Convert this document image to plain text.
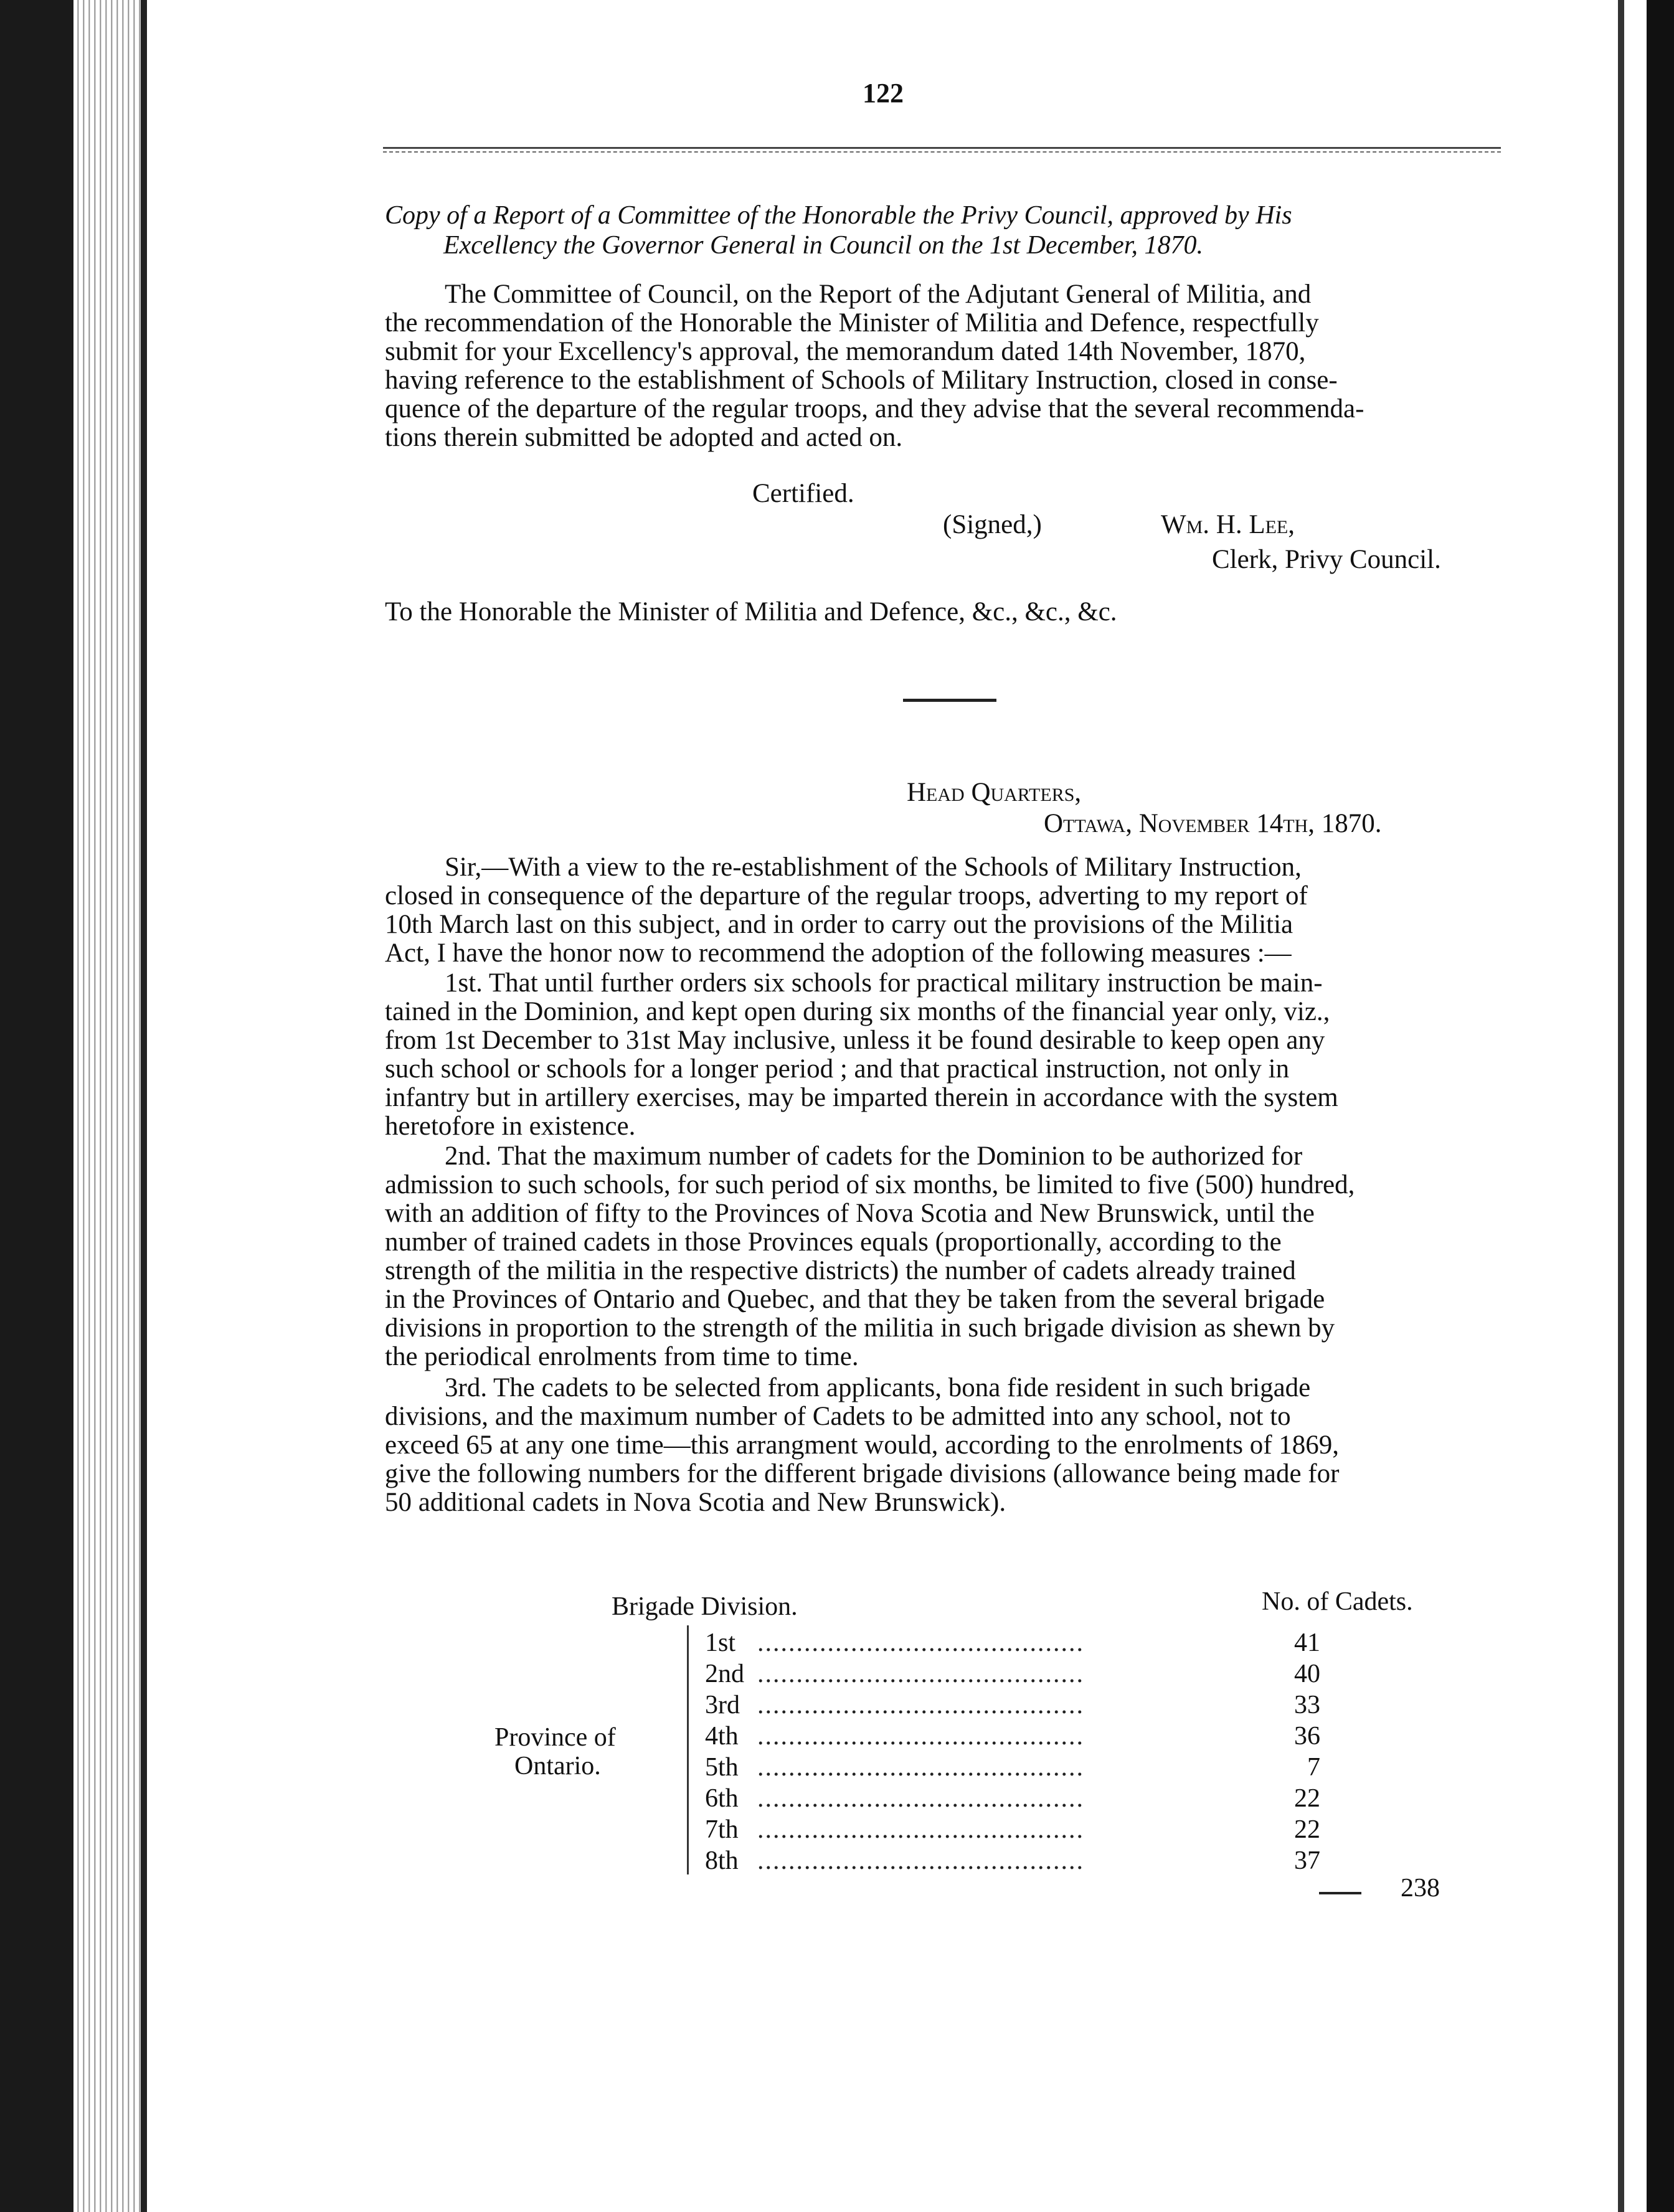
122
Copy of a Report of a Committee of the Honorable the Privy Council, approved by His
Excellency the Governor General in Council on the 1st December, 1870.
The Committee of Council, on the Report of the Adjutant General of Militia, and
the recommendation of the Honorable the Minister of Militia and Defence, respectfully
submit for your Excellency's approval, the memorandum dated 14th November, 1870,
having reference to the establishment of Schools of Military Instruction, closed in conse-
quence of the departure of the regular troops, and they advise that the several recommenda-
tions therein submitted be adopted and acted on.
Certified.
(Signed,)	Wm. H. Lee,
Clerk, Privy Council.
To the Honorable the Minister of Militia and Defence, &c., &c., &c.
Head Quarters,
Ottawa, November 14th, 1870.
Sir,—With a view to the re-establishment of the Schools of Military Instruction,
closed in consequence of the departure of the regular troops, adverting to my report of
10th March last on this subject, and in order to carry out the provisions of the Militia
Act, I have the honor now to recommend the adoption of the following measures :—
1st. That until further orders six schools for practical military instruction be main-
tained in the Dominion, and kept open during six months of the financial year only, viz.,
from 1st December to 31st May inclusive, unless it be found desirable to keep open any
such school or schools for a longer period ; and that practical instruction, not only in
infantry but in artillery exercises, may be imparted therein in accordance with the system
heretofore in existence.
2nd. That the maximum number of cadets for the Dominion to be authorized for
admission to such schools, for such period of six months, be limited to five (500) hundred,
with an addition of fifty to the Provinces of Nova Scotia and New Brunswick, until the
number of trained cadets in those Provinces equals (proportionally, according to the
strength of the militia in the respective districts) the number of cadets already trained
in the Provinces of Ontario and Quebec, and that they be taken from the several brigade
divisions in proportion to the strength of the militia in such brigade division as shewn by
the periodical enrolments from time to time.
3rd. The cadets to be selected from applicants, bona fide resident in such brigade
divisions, and the maximum number of Cadets to be admitted into any school, not to
exceed 65 at any one time—this arrangment would, according to the enrolments of 1869,
give the following numbers for the different brigade divisions (allowance being made for
50 additional cadets in Nova Scotia and New Brunswick).
Brigade Division.	No. of Cadets.
Province of
Ontario.
1st ..........................................	41
2nd ..........................................	40
3rd ..........................................	33
4th ..........................................	36
5th ..........................................	7
6th ..........................................	22
7th ..........................................	22
8th ..........................................	37
238
